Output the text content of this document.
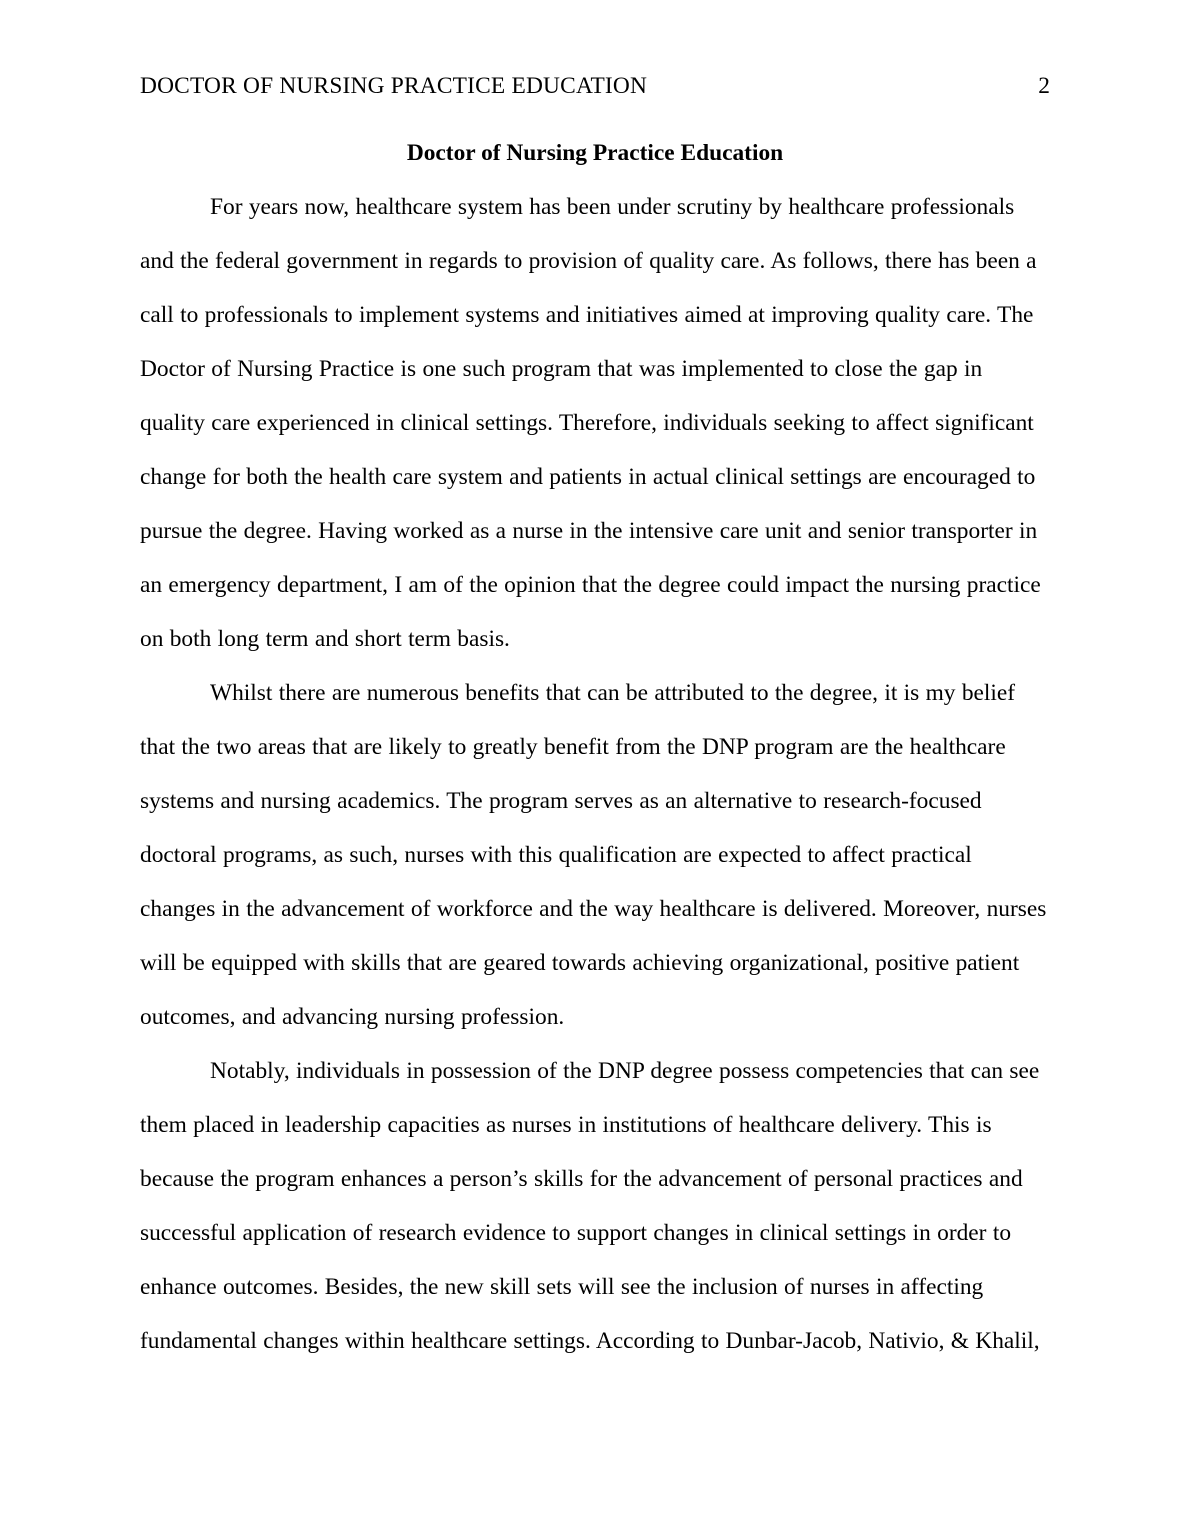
DOCTOR OF NURSING PRACTICE EDUCATION	2
Doctor of Nursing Practice Education

For years now, healthcare system has been under scrutiny by healthcare professionals and the federal government in regards to provision of quality care. As follows, there has been a call to professionals to implement systems and initiatives aimed at improving quality care. The Doctor of Nursing Practice is one such program that was implemented to close the gap in quality care experienced in clinical settings. Therefore, individuals seeking to affect significant change for both the health care system and patients in actual clinical settings are encouraged to pursue the degree. Having worked as a nurse in the intensive care unit and senior transporter in an emergency department, I am of the opinion that the degree could impact the nursing practice on both long term and short term basis.

Whilst there are numerous benefits that can be attributed to the degree, it is my belief that the two areas that are likely to greatly benefit from the DNP program are the healthcare systems and nursing academics. The program serves as an alternative to research-focused doctoral programs, as such, nurses with this qualification are expected to affect practical changes in the advancement of workforce and the way healthcare is delivered. Moreover, nurses will be equipped with skills that are geared towards achieving organizational, positive patient outcomes, and advancing nursing profession.

Notably, individuals in possession of the DNP degree possess competencies that can see them placed in leadership capacities as nurses in institutions of healthcare delivery. This is because the program enhances a person’s skills for the advancement of personal practices and successful application of research evidence to support changes in clinical settings in order to enhance outcomes. Besides, the new skill sets will see the inclusion of nurses in affecting fundamental changes within healthcare settings. According to Dunbar-Jacob, Nativio, & Khalil,
